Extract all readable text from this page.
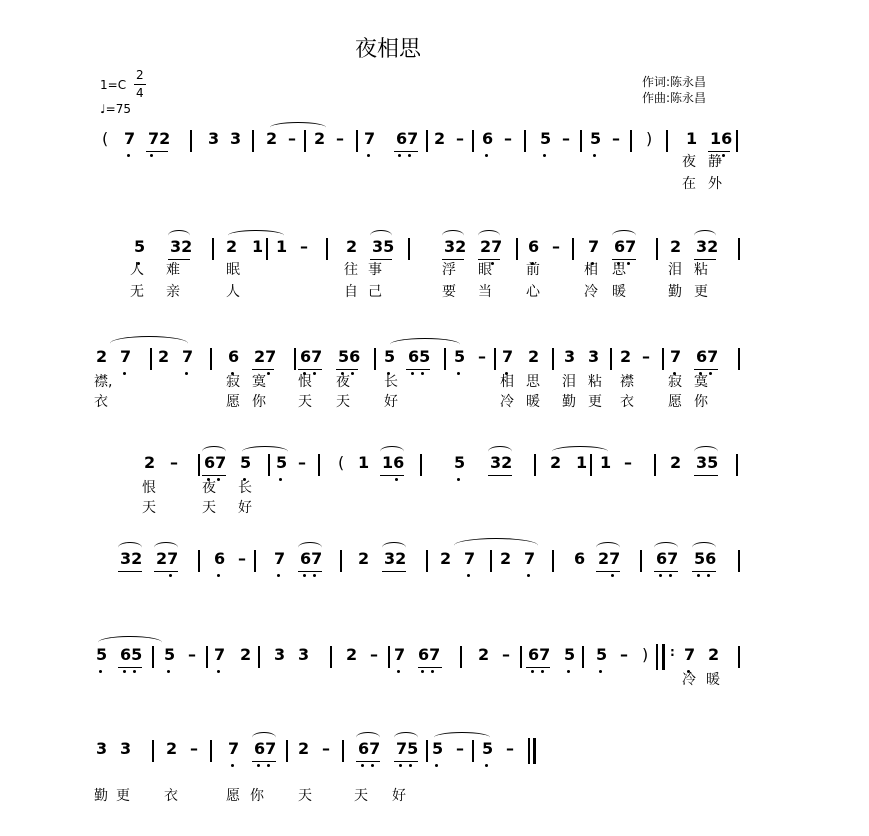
夜相思
1=C
2
4
♩=75
作词:陈永昌
作曲:陈永昌
( 7 72 3 3 2 – 2 – 7 67 2 – 6 – 5 – 5 – ) 1 16
夜 静
在 外
5 32 2 1 1 – 2 35	32 27 6 – 7 67 2 32
人 难	眠	往 事	浮 眼 前	相 思	泪 粘
无 亲	人	自 己	要 当 心	冷 暖	勤 更
2 7 2 7 6 27 67 56 5 65 5 – 7 2 3 3 2 – 7 67
襟,	寂 寞 恨 夜 长	相 思 泪 粘 襟 寂 寞
衣	愿 你 天 天 好	冷 暖 勤 更 衣 愿 你
2 – 67 5 5 – ( 1 16	5 32 2 1 1 – 2 35
恨	夜 长
天	天 好
32 27 6 – 7 67 2 32 2 7 2 7 6 27 67 56
5 65 5 – 7 2 3 3 2 – 7 67 2 – 67 5 5 – ) : 7 2
冷 暖
3 3 2 – 7 67 2 – 67 75 5 – 5 –
勤 更 衣	愿 你 天	天 好
